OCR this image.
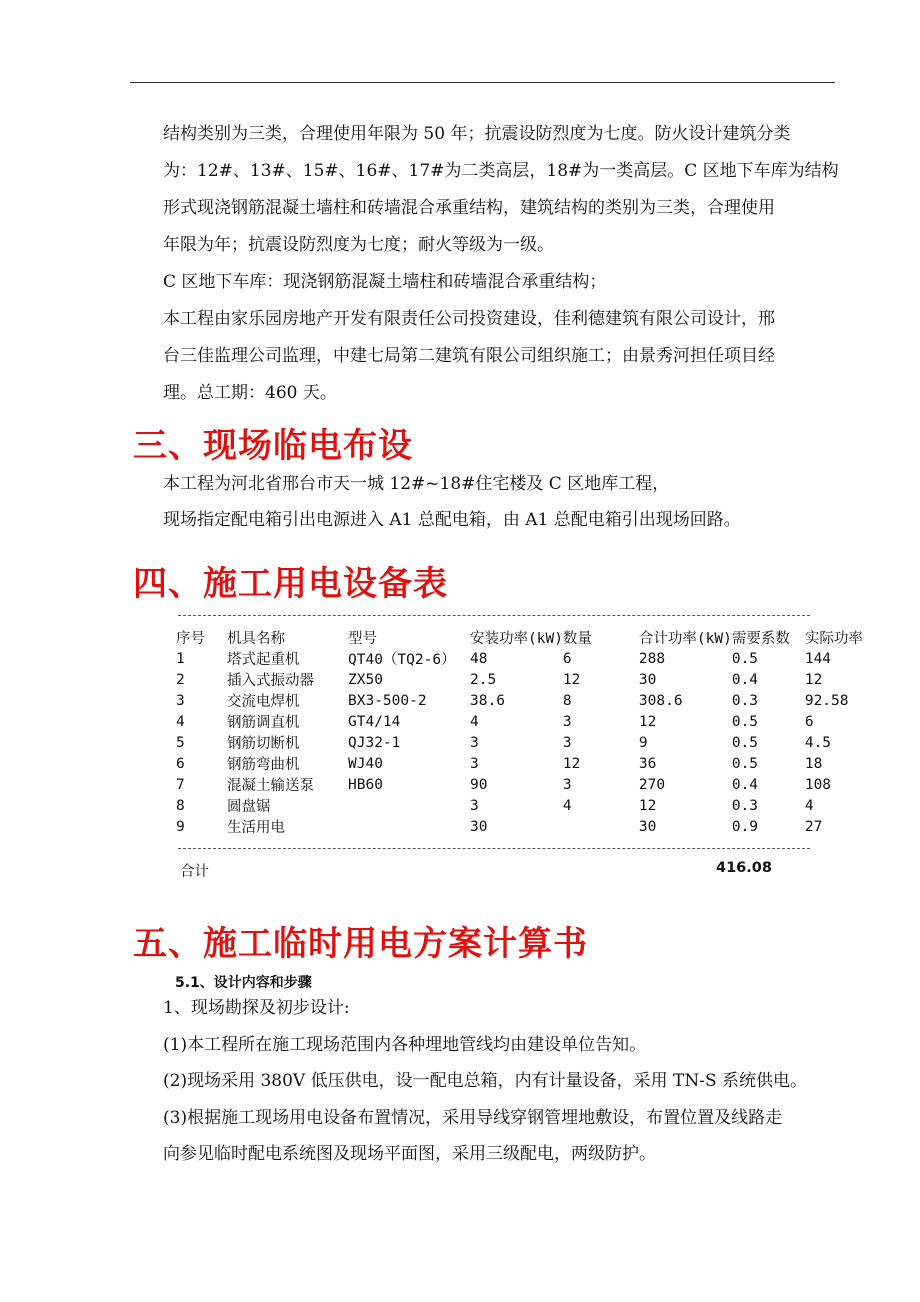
结构类别为三类，合理使用年限为 50 年；抗震设防烈度为七度。防火设计建筑分类
为：12#、13#、15#、16#、17#为二类高层，18#为一类高层。C 区地下车库为结构
形式现浇钢筋混凝土墙柱和砖墙混合承重结构，建筑结构的类别为三类，合理使用
年限为年；抗震设防烈度为七度；耐火等级为一级。
C 区地下车库：现浇钢筋混凝土墙柱和砖墙混合承重结构；
本工程由家乐园房地产开发有限责任公司投资建设，佳利德建筑有限公司设计，邢
台三佳监理公司监理，中建七局第二建筑有限公司组织施工；由景秀河担任项目经
理。总工期：460 天。
三、现场临电布设
本工程为河北省邢台市天一城 12#~18#住宅楼及 C 区地库工程，
现场指定配电箱引出电源进入 A1 总配电箱，由 A1 总配电箱引出现场回路。
四、施工用电设备表
序号	机具名称	型号	安装功率(kW)	数量	合计功率(kW)	需要系数	实际功率
1	塔式起重机	QT40（TQ2-6）	48	6	288	0.5	144
2	插入式振动器	ZX50	2.5	12	30	0.4	12
3	交流电焊机	BX3-500-2	38.6	8	308.6	0.3	92.58
4	钢筋调直机	GT4/14	4	3	12	0.5	6
5	钢筋切断机	QJ32-1	3	3	9	0.5	4.5
6	钢筋弯曲机	WJ40	3	12	36	0.5	18
7	混凝土输送泵	HB60	90	3	270	0.4	108
8	圆盘锯		3	4	12	0.3	4
9	生活用电		30		30	0.9	27
合计	416.08
五、施工临时用电方案计算书
5.1、设计内容和步骤
1、现场勘探及初步设计:
(1)本工程所在施工现场范围内各种埋地管线均由建设单位告知。
(2)现场采用 380V 低压供电，设一配电总箱，内有计量设备，采用 TN-S 系统供电。
(3)根据施工现场用电设备布置情况，采用导线穿钢管埋地敷设，布置位置及线路走
向参见临时配电系统图及现场平面图，采用三级配电，两级防护。
